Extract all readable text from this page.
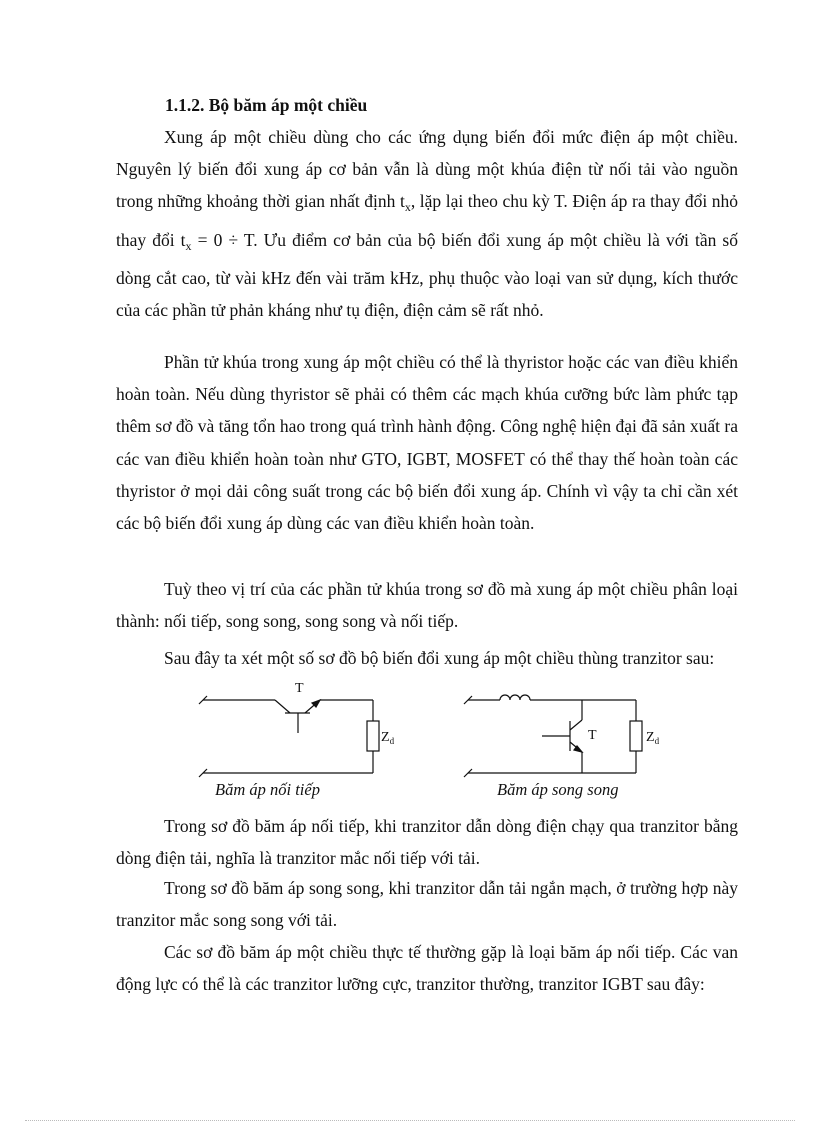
1.1.2. Bộ băm áp một chiều

Xung áp một chiều dùng cho các ứng dụng biến đổi mức điện áp một chiều. Nguyên lý biến đổi xung áp cơ bản vẫn là dùng một khúa điện từ nối tải vào nguồn trong những khoảng thời gian nhất định $t_x$, lặp lại theo chu kỳ T. Điện áp ra thay đổi nhỏ thay đổi $t_x = 0 \div T$. Ưu điểm cơ bản của bộ biến đổi xung áp một chiều là với tần số dòng cắt cao, từ vài kHz đến vài trăm kHz, phụ thuộc vào loại van sử dụng, kích thước của các phần tử phản kháng như tụ điện, điện cảm sẽ rất nhỏ.

Phần tử khúa trong xung áp một chiều có thể là thyristor hoặc các van điều khiển hoàn toàn. Nếu dùng thyristor sẽ phải có thêm các mạch khúa cưỡng bức làm phức tạp thêm sơ đồ và tăng tổn hao trong quá trình hành động. Công nghệ hiện đại đã sản xuất ra các van điều khiển hoàn toàn như GTO, IGBT, MOSFET có thể thay thế hoàn toàn các thyristor ở mọi dải công suất trong các bộ biến đổi xung áp. Chính vì vậy ta chỉ cần xét các bộ biến đổi xung áp dùng các van điều khiển hoàn toàn.

Tuỳ theo vị trí của các phần tử khúa trong sơ đồ mà xung áp một chiều phân loại thành: nối tiếp, song song, song song và nối tiếp.

Sau đây ta xét một số sơ đồ bộ biến đổi xung áp một chiều thùng tranzitor sau:

T
$Z_d$	T	$Z_d$
Băm áp nối tiếp	Băm áp song song

Trong sơ đồ băm áp nối tiếp, khi tranzitor dẫn dòng điện chạy qua tranzitor bằng dòng điện tải, nghĩa là tranzitor mắc nối tiếp với tải.

Trong sơ đồ băm áp song song, khi tranzitor dẫn tải ngắn mạch, ở trường hợp này tranzitor mắc song song với tải.

Các sơ đồ băm áp một chiều thực tế thường gặp là loại băm áp nối tiếp. Các van động lực có thể là các tranzitor lưỡng cực, tranzitor thường, tranzitor IGBT sau đây:
